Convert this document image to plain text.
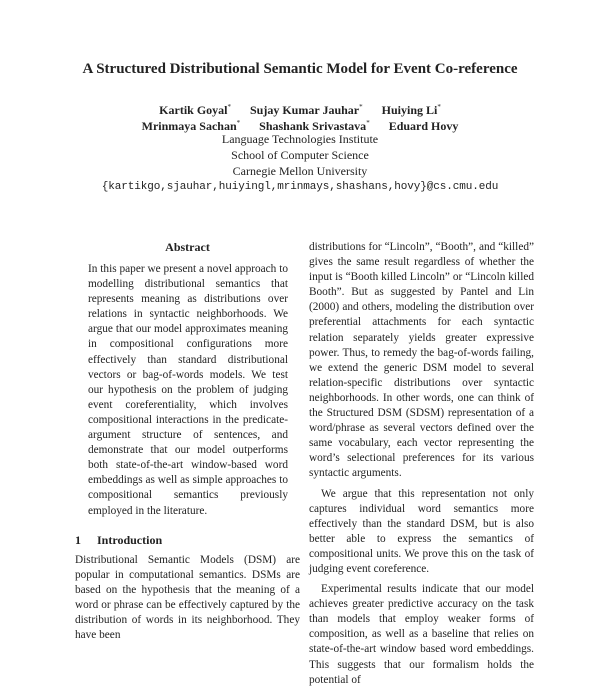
A Structured Distributional Semantic Model for Event Co-reference
Kartik Goyal* Sujay Kumar Jauhar* Huiying Li*
Mrinmaya Sachan* Shashank Srivastava* Eduard Hovy
Language Technologies Institute
School of Computer Science
Carnegie Mellon University
{kartikgo,sjauhar,huiyingl,mrinmays,shashans,hovy}@cs.cmu.edu
Abstract

In this paper we present a novel approach to modelling distributional semantics that represents meaning as distributions over relations in syntactic neighborhoods. We argue that our model approximates meaning in compositional configurations more effectively than standard distributional vectors or bag-of-words models. We test our hypothesis on the problem of judging event coreferentiality, which involves compositional interactions in the predicate-argument structure of sentences, and demonstrate that our model outperforms both state-of-the-art window-based word embeddings as well as simple approaches to compositional semantics previously employed in the literature.

1 Introduction

Distributional Semantic Models (DSM) are popular in computational semantics. DSMs are based on the hypothesis that the meaning of a word or phrase can be effectively captured by the distribution of words in its neighborhood. They have been

distributions for “Lincoln”, “Booth”, and “killed” gives the same result regardless of whether the input is “Booth killed Lincoln” or “Lincoln killed Booth”. But as suggested by Pantel and Lin (2000) and others, modeling the distribution over preferential attachments for each syntactic relation separately yields greater expressive power. Thus, to remedy the bag-of-words failing, we extend the generic DSM model to several relation-specific distributions over syntactic neighborhoods. In other words, one can think of the Structured DSM (SDSM) representation of a word/phrase as several vectors defined over the same vocabulary, each vector representing the word’s selectional preferences for its various syntactic arguments.

We argue that this representation not only captures individual word semantics more effectively than the standard DSM, but is also better able to express the semantics of compositional units. We prove this on the task of judging event coreference.

Experimental results indicate that our model achieves greater predictive accuracy on the task than models that employ weaker forms of composition, as well as a baseline that relies on state-of-the-art window based word embeddings. This suggests that our formalism holds the potential of
